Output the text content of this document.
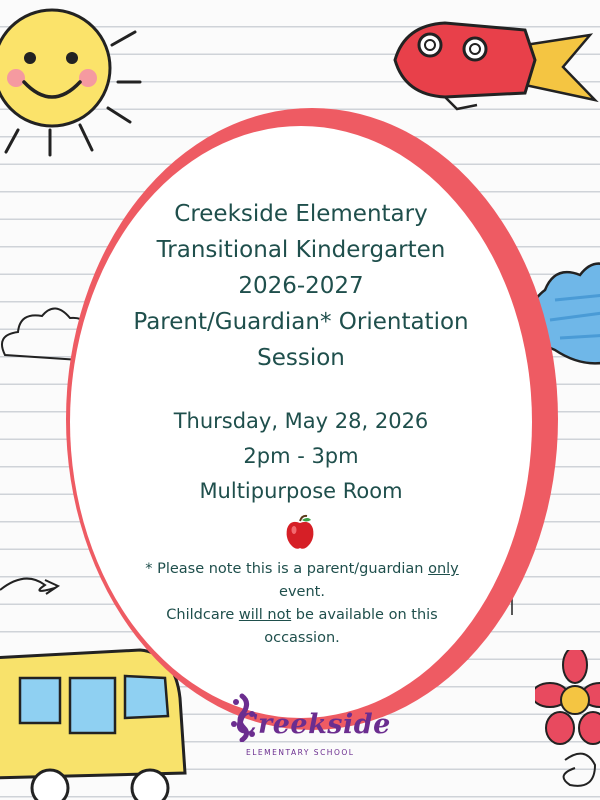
Creekside Elementary
Transitional Kindergarten
2026-2027
Parent/Guardian* Orientation
Session
Thursday, May 28, 2026
2pm - 3pm
Multipurpose Room
* Please note this is a parent/guardian only
event.
Childcare will not be available on this
occassion.
Creekside
ELEMENTARY SCHOOL
